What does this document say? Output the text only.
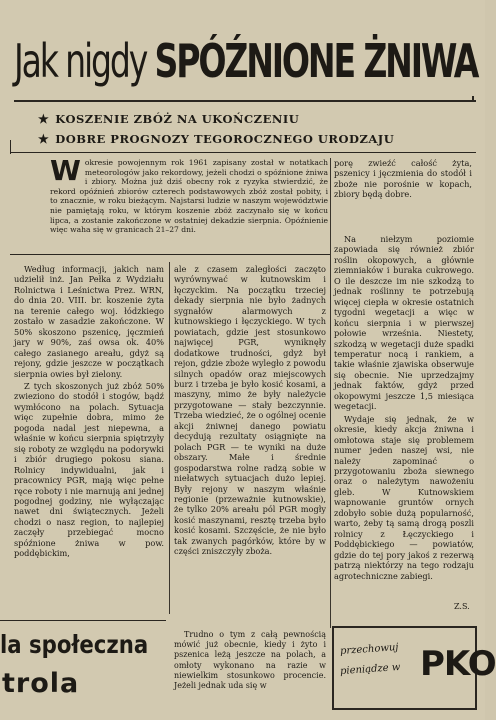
Jak nigdy SPÓŹNIONE ŻNIWA
★ KOSZENIE ZBÓŻ NA UKOŃCZENIU
★ DOBRE PROGNOZY TEGOROCZNEGO URODZAJU
Wokresie powojennym rok 1961 zapisany został w notatkach meteorologów jako rekordowy, jeżeli chodzi o spóźnione żniwa i zbiory. Można już dziś obecny rok z ryzyka stwierdzić, że rekord opóźnień zbiorów czterech podstawowych zbóż został pobity, i to znacznie, w roku bieżącym. Najstarsi ludzie w naszym województwie nie pamiętają roku, w którym koszenie zbóż zaczynało się w końcu lipca, a zostanie zakończone w ostatniej dekadzie sierpnia. Opóźnienie więc waha się w granicach 21–27 dni.

porę zwieźć całość żyta, pszenicy i jęczmienia do stodół i zboże nie porośnie w kopach, zbiory będą dobre.

Według informacji, jakich nam udzielił inż. Jan Pełka z Wydziału Rolnictwa i Leśnictwa Prez. WRN, do dnia 20. VIII. br. koszenie żyta na terenie całego woj. łódzkiego zostało w zasadzie zakończone. W 50% skoszono pszenicę, jęczmień jary w 90%, zaś owsa ok. 40% całego zasianego areału, gdyż są rejony, gdzie jeszcze w początkach sierpnia owies był zielony.

Z tych skoszonych już zbóż 50% zwieziono do stodół i stogów, bądź wymłócono na polach. Sytuacja więc zupełnie dobra, mimo że pogoda nadal jest niepewna, a właśnie w końcu sierpnia spiętrzyły się roboty ze względu na podorywki i zbiór drugiego pokosu siana. Rolnicy indywidualni, jak i pracownicy PGR, mają więc pełne ręce roboty i nie marnują ani jednej pogodnej godziny, nie wyłączając nawet dni świątecznych. Jeżeli chodzi o nasz region, to najlepiej zaczęły przebiegać mocno spóźnione żniwa w pow. poddębickim,

ale z czasem zaległości zaczęto wyrównywać w kutnowskim i łęczyckim. Na początku trzeciej dekady sierpnia nie było żadnych sygnałów alarmowych z kutnowskiego i łęczyckiego. W tych powiatach, gdzie jest stosunkowo najwięcej PGR, wyniknęły dodatkowe trudności, gdyż był rejon, gdzie zboże wyległo z powodu silnych opadów oraz miejscowych burz i trzeba je było kosić kosami, a maszyny, mimo że były należycie przygotowane — stały bezczynnie. Trzeba wiedzieć, że o ogólnej ocenie akcji żniwnej danego powiatu decydują rezultaty osiągnięte na polach PGR — te wyniki na duże obszary. Małe i średnie gospodarstwa rolne radzą sobie w niełatwych sytuacjach dużo lepiej. Były rejony w naszym właśnie regionie (przeważnie kutnowskie), że tylko 20% areału pól PGR mogły kosić maszynami, resztę trzeba było kosić kosami. Szczęście, że nie było tak zwanych pagórków, które by w części zniszczyły zboża.

Na niełzym poziomie zapowiada się również zbiór roślin okopowych, a głównie ziemniaków i buraka cukrowego. O ile deszcze im nie szkodzą to jednak roślinny te potrzebują więcej ciepła w okresie ostatnich tygodni wegetacji a więc w końcu sierpnia i w pierwszej połowie września. Niestety, szkodzą w wegetacji duże spadki temperatur nocą i rankiem, a takie właśnie zjawiska obserwuje się obecnie. Nie uprzedzajmy jednak faktów, gdyż przed okopowymi jeszcze 1,5 miesiąca wegetacji.

Wydaje się jednak, że w okresie, kiedy akcja żniwna i omłotowa staje się problemem numer jeden naszej wsi, nie należy zapominać o przygotowaniu zboża siewnego oraz o należytym nawożeniu gleb. W Kutnowskiem wapnowanie gruntów ornych zdobyło sobie dużą popularność, warto, żeby tą samą drogą poszli rolnicy z Łęczyckiego i Poddębickiego — powiatów, gdzie do tej pory jakoś z rezerwą patrzą niektórzy na tego rodzaju agrotechniczne zabiegi.

Z.S.
la społeczna
trola

Trudno o tym z całą pewnością mówić już obecnie, kiedy i żyto i pszenica leżą jeszcze na polach, a omłoty wykonano na razie w niewielkim stosunkowo procencie. Jeżeli jednak uda się w

przechowuj
pieniądze w PKO
